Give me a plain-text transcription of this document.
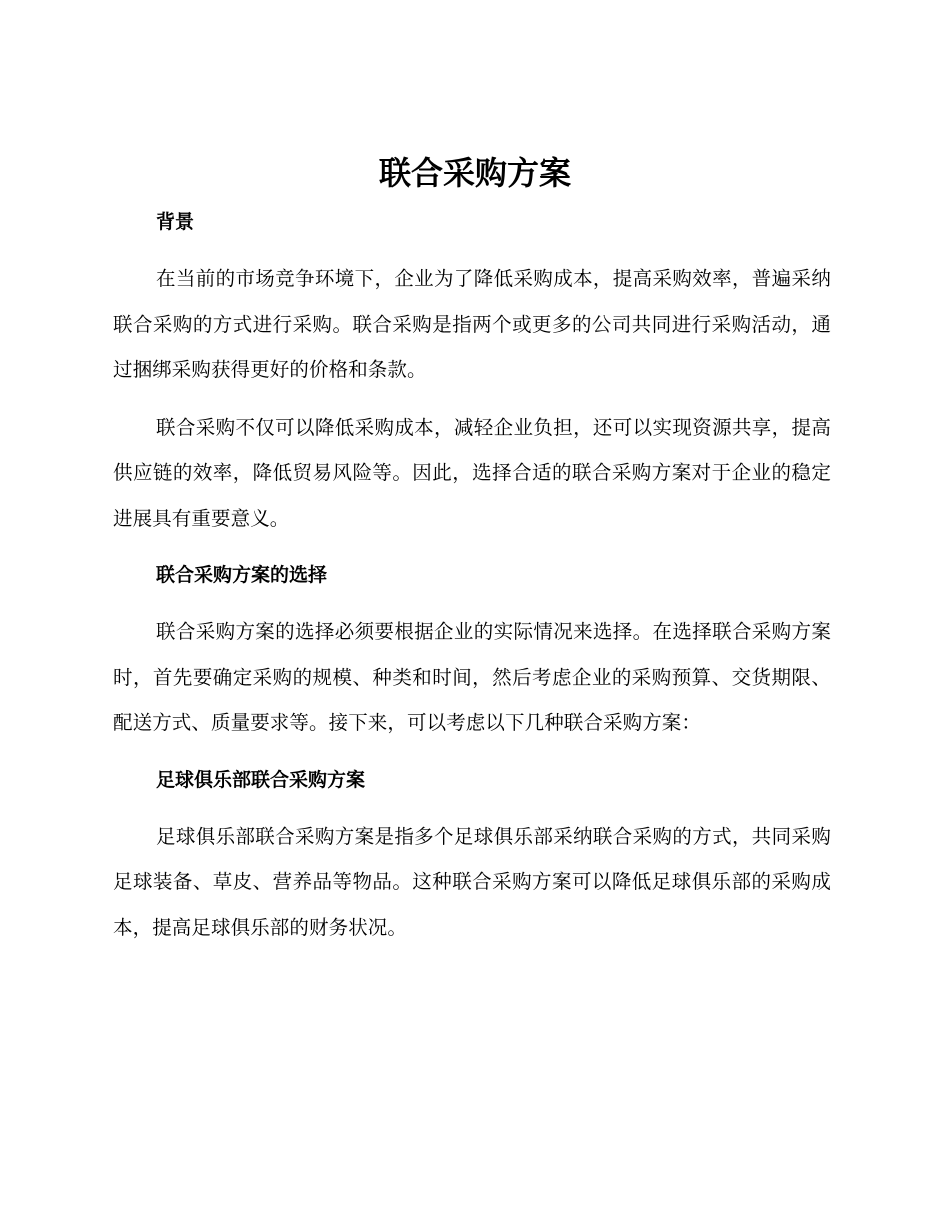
联合采购方案
背景

在当前的市场竞争环境下，企业为了降低采购成本，提高采购效率，普遍采纳联合采购的方式进行采购。联合采购是指两个或更多的公司共同进行采购活动，通过捆绑采购获得更好的价格和条款。

联合采购不仅可以降低采购成本，减轻企业负担，还可以实现资源共享，提高供应链的效率，降低贸易风险等。因此，选择合适的联合采购方案对于企业的稳定进展具有重要意义。

联合采购方案的选择

联合采购方案的选择必须要根据企业的实际情况来选择。在选择联合采购方案时，首先要确定采购的规模、种类和时间，然后考虑企业的采购预算、交货期限、配送方式、质量要求等。接下来，可以考虑以下几种联合采购方案：

足球俱乐部联合采购方案

足球俱乐部联合采购方案是指多个足球俱乐部采纳联合采购的方式，共同采购足球装备、草皮、营养品等物品。这种联合采购方案可以降低足球俱乐部的采购成本，提高足球俱乐部的财务状况。
